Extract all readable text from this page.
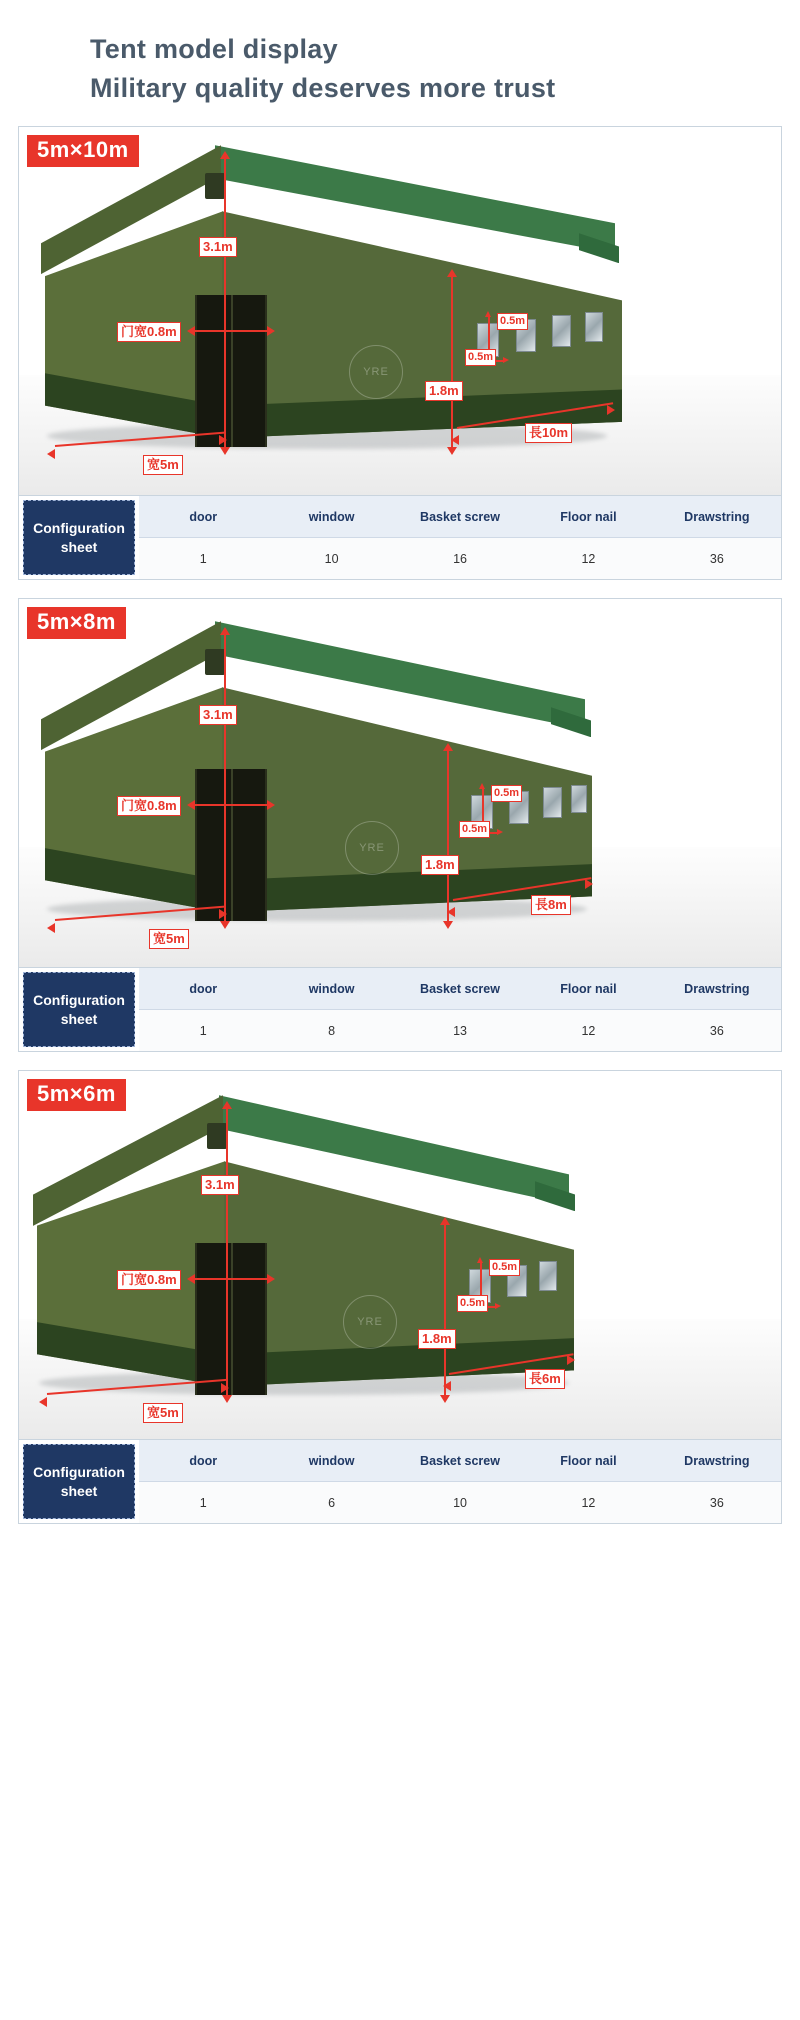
Tent model display
Military quality deserves more trust
5m×10m
YRE
3.1m
门宽0.8m
1.8m
0.5m
0.5m
宽5m
長10m
Configuration
sheet
door	window	Basket screw	Floor nail	Drawstring
1	10	16	12	36
5m×8m
YRE
3.1m
门宽0.8m
1.8m
0.5m
0.5m
宽5m
長8m
Configuration
sheet
door	window	Basket screw	Floor nail	Drawstring
1	8	13	12	36
5m×6m
YRE
3.1m
门宽0.8m
1.8m
0.5m
0.5m
宽5m
長6m
Configuration
sheet
door	window	Basket screw	Floor nail	Drawstring
1	6	10	12	36
